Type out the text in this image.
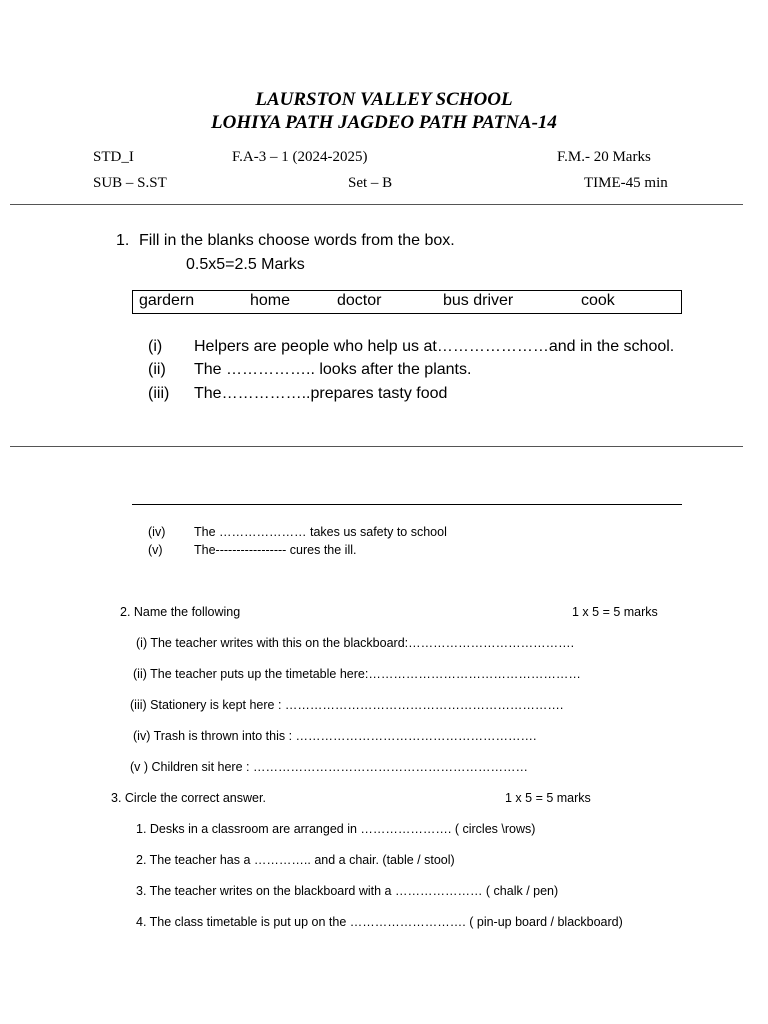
LAURSTON VALLEY SCHOOL
LOHIYA PATH JAGDEO PATH PATNA-14
STD_I	F.A-3 – 1 (2024-2025)	F.M.- 20 Marks
SUB – S.ST	Set – B	TIME-45 min
1. Fill in the blanks choose words from the box.
0.5x5=2.5 Marks
gardern	home	doctor	bus driver	cook
(i) Helpers are people who help us at…………………and in the school.
(ii) The …………….. looks after the plants.
(iii) The……………..prepares tasty food
(iv) The ………………… takes us safety to school
(v)	The----------------- cures the ill.
2. Name the following	1 x 5 = 5 marks
(i) The teacher writes with this on the blackboard:………………………………….
(ii) The teacher puts up the timetable here:……………………………………………
(iii) Stationery is kept here : ………………………………………………………….
(iv) Trash is thrown into this : ………………………………………………….
(v ) Children sit here : …………………………………………………………
3. Circle the correct answer.	1 x 5 = 5 marks
1. Desks in a classroom are arranged in …………………. ( circles \rows)
2. The teacher has a ………….. and a chair. (table / stool)
3. The teacher writes on the blackboard with a ………………… ( chalk / pen)
4. The class timetable is put up on the ………………………. ( pin-up board / blackboard)
